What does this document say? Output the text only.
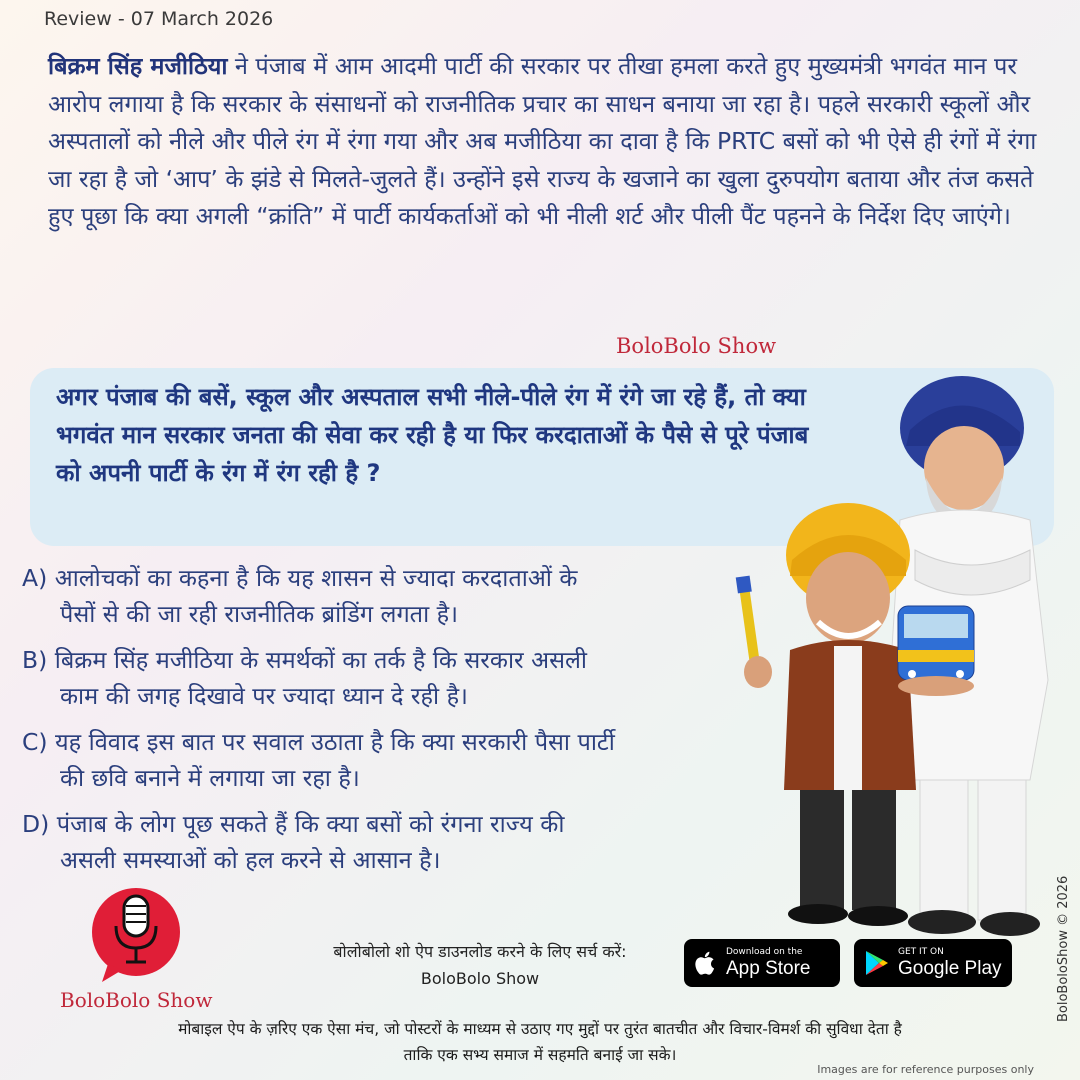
Review - 07 March 2026

बिक्रम सिंह मजीठिया ने पंजाब में आम आदमी पार्टी की सरकार पर तीखा हमला करते हुए मुख्यमंत्री भगवंत मान पर आरोप लगाया है कि सरकार के संसाधनों को राजनीतिक प्रचार का साधन बनाया जा रहा है। पहले सरकारी स्कूलों और अस्पतालों को नीले और पीले रंग में रंगा गया और अब मजीठिया का दावा है कि PRTC बसों को भी ऐसे ही रंगों में रंगा जा रहा है जो ‘आप’ के झंडे से मिलते-जुलते हैं। उन्होंने इसे राज्य के खजाने का खुला दुरुपयोग बताया और तंज कसते हुए पूछा कि क्या अगली “क्रांति” में पार्टी कार्यकर्ताओं को भी नीली शर्ट और पीली पैंट पहनने के निर्देश दिए जाएंगे।

BoloBolo Show

अगर पंजाब की बसें, स्कूल और अस्पताल सभी नीले-पीले रंग में रंगे जा रहे हैं, तो क्या भगवंत मान सरकार जनता की सेवा कर रही है या फिर करदाताओं के पैसे से पूरे पंजाब को अपनी पार्टी के रंग में रंग रही है ?

A) आलोचकों का कहना है कि यह शासन से ज्यादा करदाताओं के
पैसों से की जा रही राजनीतिक ब्रांडिंग लगता है।
B) बिक्रम सिंह मजीठिया के समर्थकों का तर्क है कि सरकार असली
काम की जगह दिखावे पर ज्यादा ध्यान दे रही है।
C) यह विवाद इस बात पर सवाल उठाता है कि क्या सरकारी पैसा पार्टी
की छवि बनाने में लगाया जा रहा है।
D) पंजाब के लोग पूछ सकते हैं कि क्या बसों को रंगना राज्य की
असली समस्याओं को हल करने से आसान है।
BoloBolo Show
बोलोबोलो शो ऐप डाउनलोड करने के लिए सर्च करें:
BoloBolo Show
Download on the
App Store
GET IT ON
Google Play
मोबाइल ऐप के ज़रिए एक ऐसा मंच, जो पोस्टरों के माध्यम से उठाए गए मुद्दों पर तुरंत बातचीत और विचार-विमर्श की सुविधा देता है
ताकि एक सभ्य समाज में सहमति बनाई जा सके।
Images are for reference purposes only
BoloBoloShow © 2026
